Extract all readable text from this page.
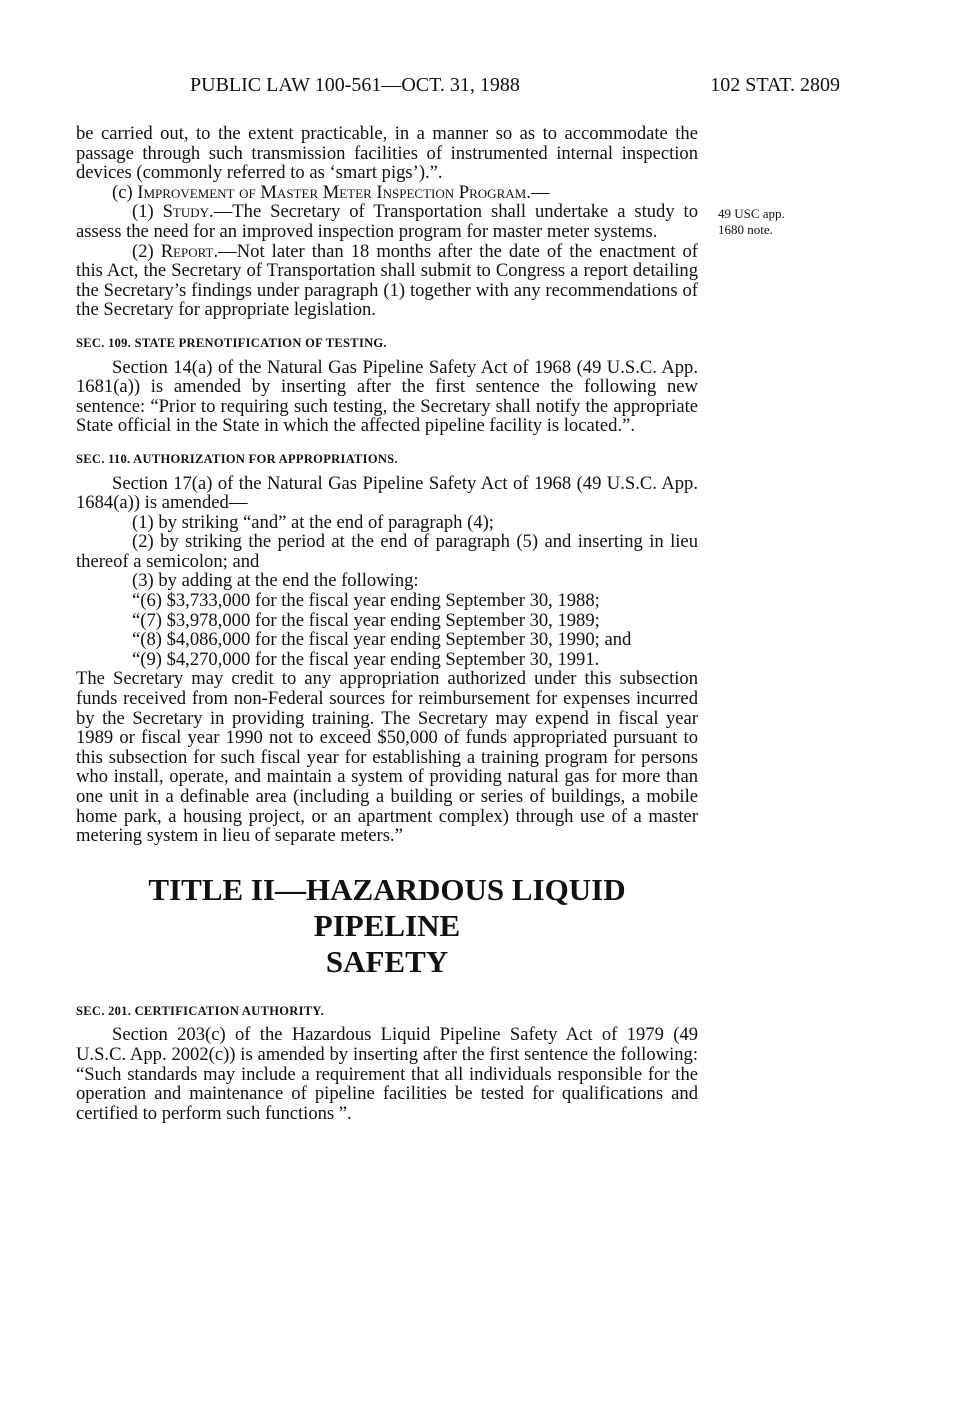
PUBLIC LAW 100-561—OCT. 31, 1988	102 STAT. 2809
49 USC app.
1680 note.

be carried out, to the extent practicable, in a manner so as to accommodate the passage through such transmission facilities of instrumented internal inspection devices (commonly referred to as ‘smart pigs’).”.

(c) Improvement of Master Meter Inspection Program.—

(1) Study.—The Secretary of Transportation shall undertake a study to assess the need for an improved inspection program for master meter systems.

(2) Report.—Not later than 18 months after the date of the enactment of this Act, the Secretary of Transportation shall submit to Congress a report detailing the Secretary’s findings under paragraph (1) together with any recommendations of the Secretary for appropriate legislation.

SEC. 109. STATE PRENOTIFICATION OF TESTING.

Section 14(a) of the Natural Gas Pipeline Safety Act of 1968 (49 U.S.C. App. 1681(a)) is amended by inserting after the first sentence the following new sentence: “Prior to requiring such testing, the Secretary shall notify the appropriate State official in the State in which the affected pipeline facility is located.”.

SEC. 110. AUTHORIZATION FOR APPROPRIATIONS.

Section 17(a) of the Natural Gas Pipeline Safety Act of 1968 (49 U.S.C. App. 1684(a)) is amended—

(1) by striking “and” at the end of paragraph (4);

(2) by striking the period at the end of paragraph (5) and inserting in lieu thereof a semicolon; and

(3) by adding at the end the following:

“(6) $3,733,000 for the fiscal year ending September 30, 1988;

“(7) $3,978,000 for the fiscal year ending September 30, 1989;

“(8) $4,086,000 for the fiscal year ending September 30, 1990; and

“(9) $4,270,000 for the fiscal year ending September 30, 1991.

The Secretary may credit to any appropriation authorized under this subsection funds received from non-Federal sources for reimbursement for expenses incurred by the Secretary in providing training. The Secretary may expend in fiscal year 1989 or fiscal year 1990 not to exceed $50,000 of funds appropriated pursuant to this subsection for such fiscal year for establishing a training program for persons who install, operate, and maintain a system of providing natural gas for more than one unit in a definable area (including a building or series of buildings, a mobile home park, a housing project, or an apartment complex) through use of a master metering system in lieu of separate meters.”

TITLE II—HAZARDOUS LIQUID PIPELINE
SAFETY
SEC. 201. CERTIFICATION AUTHORITY.

Section 203(c) of the Hazardous Liquid Pipeline Safety Act of 1979 (49 U.S.C. App. 2002(c)) is amended by inserting after the first sentence the following: “Such standards may include a requirement that all individuals responsible for the operation and maintenance of pipeline facilities be tested for qualifications and certified to perform such functions ”.
